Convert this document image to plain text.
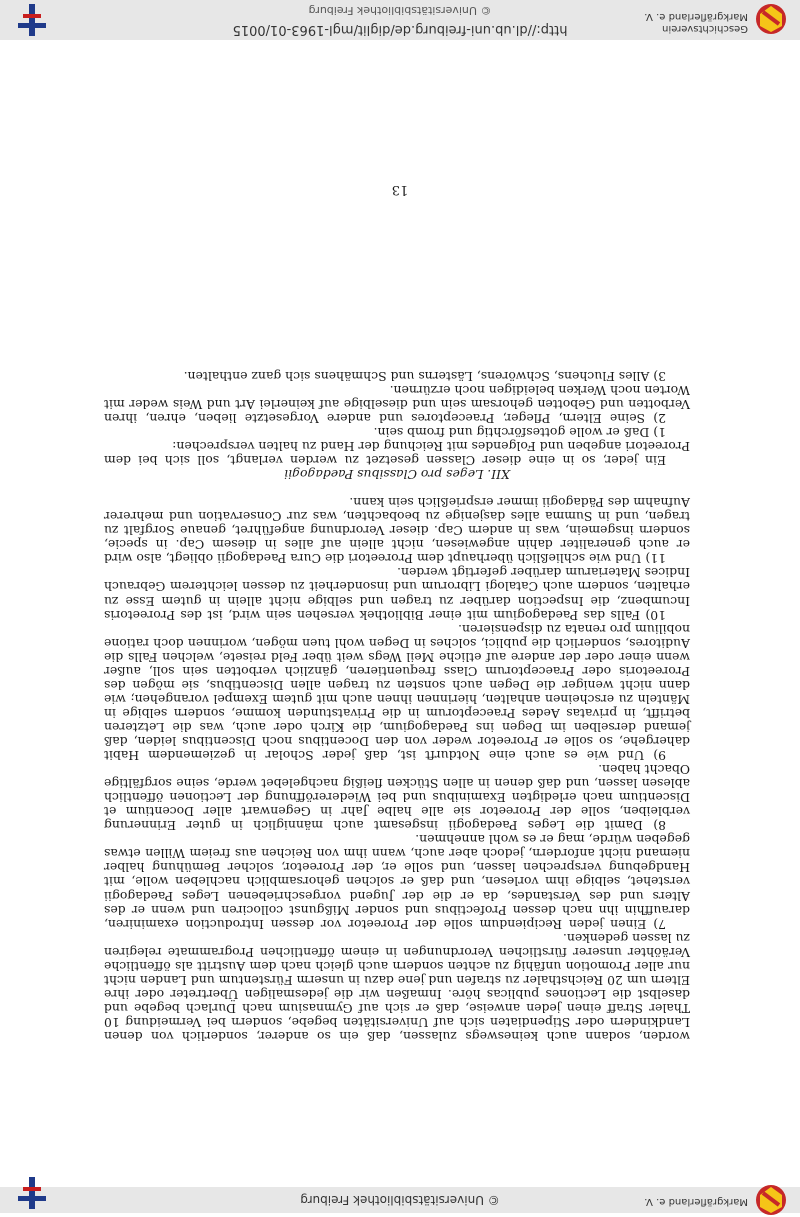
© Universitätsbibliothek Freiburg	Markgräflerland e. V.

worden, sodann auch keineswegs zulassen, daß ein so anderer, sonderlich von denen Landkindern oder Stipendiaten sich auf Universitäten begebe, sondern bei Vermeidung 10 Thaler Straff einen jeden anweise, daß er sich auf Gymnasium nach Durlach begebe und daselbst die Lectiones publicas höre. Inmaßen wir die jedesmaligen Übertreter oder ihre Eltern um 20 Reichsthaler zu strafen und jene dazu in unserm Fürstentum und Landen nicht nur aller Promotion unfähig zu achten sondern auch gleich nach dem Austritt als öffentliche Veräöhter unserer fürstlichen Verordnungen in einem öffentlichen Programmate relegiren zu lassen gedenken.

7) Einen jeden Recipiendum solle der Proreetor vor dessen Introduction examiniren, darauffhin ihn nach dessen Profectibus und sonder Mißgunst collociren und wenn er des Alters und des Verstandes, da er die der Jugend vorgeschriebenen Leges Paedagogii verstehet, selbige ihm vorlesen, und daß er solchen gehorsamblich nachleben wolle, mit Handgebung versprechen lassen, und solle er, der Proreetor, solcher Bemühung halber niemand nicht anfordern, jedoch aber auch, wann ihm von Reichen aus freiem Willen etwas gegeben würde, mag er es wohl annehmen.

8) Damit die Leges Paedagogii insgesamt auch männiglich in guter Erinnerung verbleiben, solle der Proreetor sie alle halbe Jahr in Gegenwart aller Docentium et Discentium nach erledigten Examinibus und bei Wiedereröffnung der Lectionen öffentlich ablesen lassen, und daß denen in allen Stücken fleißig nachgelebet werde, seine sorgfältige Obacht haben.

9) Und wie es auch eine Notdurft ist, daß jeder Scholar in geziemendem Habit dahergehe, so solle er Proreetor weder von den Docentibus noch Discentibus leiden, daß jemand derselben im Degen ins Paedagogium, die Kirch oder auch, was die Letzteren betrifft, in privatas Aedes Praeceptorum in die Privatstunden komme, sondern selbige in Mänteln zu erscheinen anhalten, hierinnen ihnen auch mit gutem Exempel vorangehen; wie dann nicht weniger die Degen auch sonsten zu tragen allen Discentibus, sie mögen des Proreetoris oder Praeceptorum Class frequentieren, gänzlich verbotten sein soll, außer wenn einer oder der andere auf etliche Meil Wegs weit über Feld reisete, welchen Falls die Auditores, sonderlich die publici, solches in Degen wohl tuen mögen, worinnen doch ratione nobilium pro renata zu dispensieren.

10) Falls das Paedagogium mit einer Bibliothek versehen sein wird, ist des Proreetoris Incumbenz, die Inspection darüber zu tragen und selbige nicht allein in gutem Esse zu erhalten, sondern auch Catalogi Librorum und insonderheit zu dessen leichterem Gebrauch Indices Materiarum darüber gefertigt werden.

11) Und wie schließlich überhaupt dem Proreetori die Cura Paedagogii obliegt, also wird er auch generaliter dahin angewiesen, nicht allein auf alles in diesem Cap. in specie, sondern insgemein, was in andern Cap. dieser Verordnung angeführet, genaue Sorgfalt zu tragen, und in Summa alles dasjenige zu beobachten, was zur Conservation und mehrerer Aufnahm des Pädagogii immer ersprießlich sein kann.

XII. Leges pro Classibus Paedagogii

Ein jeder, so in eine dieser Classen gesetzet zu werden verlangt, soll sich bei dem Proreetori angeben und Folgendes mit Reichung der Hand zu halten versprechen:

1) Daß er wolle gottesförchtig und fromb sein.

2) Seine Eltern, Pfleger, Praeceptores und andere Vorgesetzte lieben, ehren, ihren Verbotten und Gebotten gehorsam sein und dieselbige auf keinerlei Art und Weis weder mit Worten noch Werken beleidigen noch erzürnen.

3) Alles Fluchens, Schwörens, Lästerns und Schmähens sich ganz enthalten.

13
http://dl.ub.uni-freiburg.de/diglit/mgl-1963-01/0015
© Universitätsbibliothek Freiburg
Geschichtsverein
Markgräflerland e. V.
